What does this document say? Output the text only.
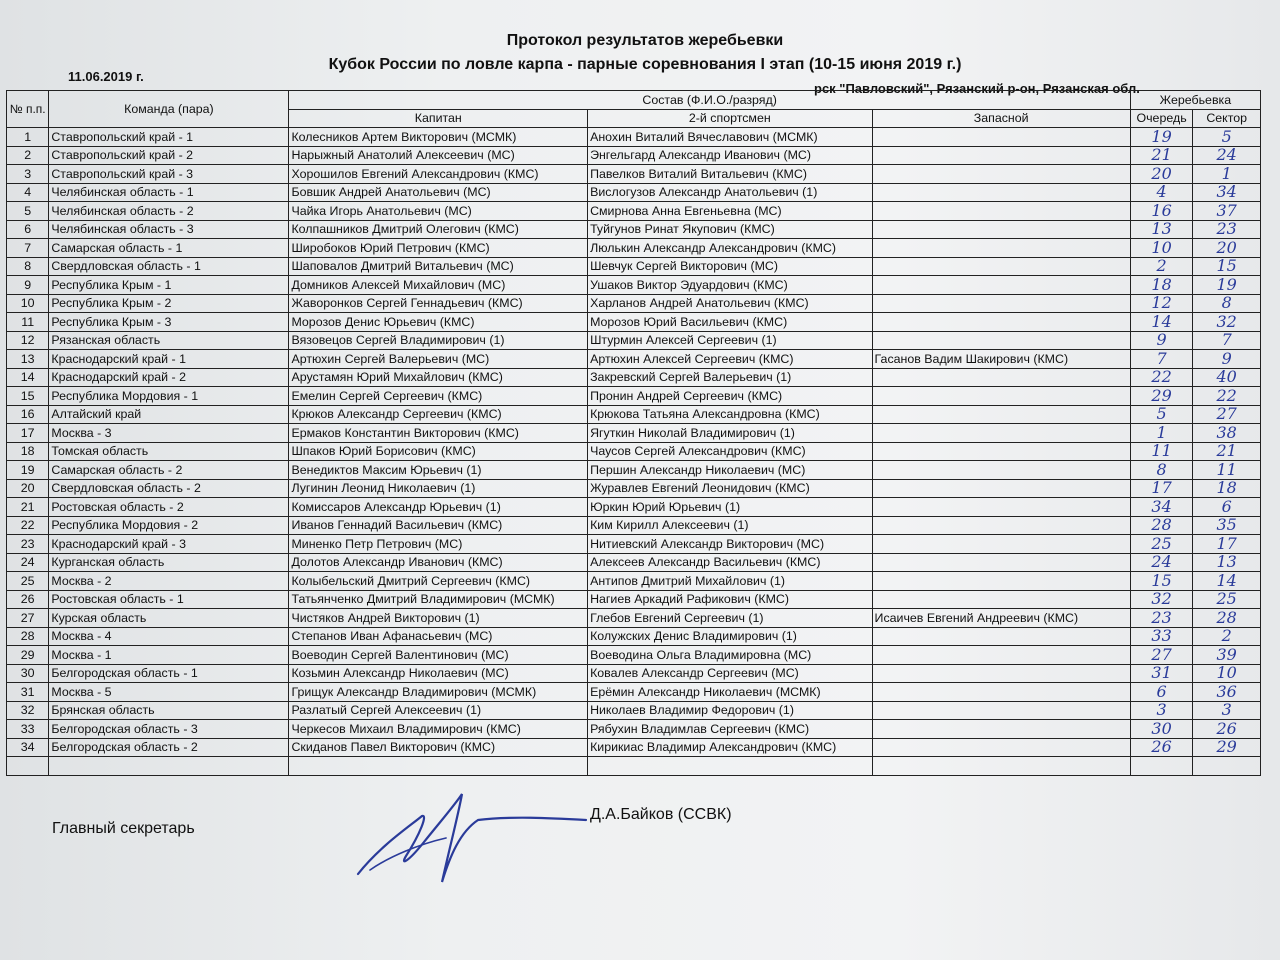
Протокол результатов жеребьевки
Кубок России по ловле карпа - парные соревнования I этап (10-15 июня 2019 г.)
11.06.2019 г.
рск "Павловский", Рязанский р-он, Рязанская обл.
№ п.п.	Команда (пара)	Состав (Ф.И.О./разряд)			Жеребьевка	
		Капитан	2-й спортсмен	Запасной	Очередь	Сектор
1	Ставропольский край - 1	Колесников Артем Викторович (МСМК)	Анохин Виталий Вячеславович (МСМК)		19	5
2	Ставропольский край - 2	Нарыжный Анатолий Алексеевич (МС)	Энгельгард Александр Иванович (МС)		21	24
3	Ставропольский край - 3	Хорошилов Евгений Александрович (КМС)	Павелков Виталий Витальевич (КМС)		20	1
4	Челябинская область - 1	Бовшик Андрей Анатольевич (МС)	Вислогузов Александр Анатольевич (1)		4	34
5	Челябинская область - 2	Чайка Игорь Анатольевич (МС)	Смирнова Анна Евгеньевна (МС)		16	37
6	Челябинская область - 3	Колпашников Дмитрий Олегович (КМС)	Туйгунов Ринат Якупович (КМС)		13	23
7	Самарская область - 1	Широбоков Юрий Петрович (КМС)	Люлькин Александр Александрович (КМС)		10	20
8	Свердловская область - 1	Шаповалов Дмитрий Витальевич (МС)	Шевчук Сергей Викторович (МС)		2	15
9	Республика Крым - 1	Домников Алексей Михайлович (МС)	Ушаков Виктор Эдуардович (КМС)		18	19
10	Республика Крым - 2	Жаворонков Сергей Геннадьевич (КМС)	Харланов Андрей Анатольевич (КМС)		12	8
11	Республика Крым - 3	Морозов Денис Юрьевич (КМС)	Морозов Юрий Васильевич (КМС)		14	32
12	Рязанская область	Вязовецов Сергей Владимирович (1)	Штурмин Алексей Сергеевич (1)		9	7
13	Краснодарский край - 1	Артюхин Сергей Валерьевич (МС)	Артюхин Алексей Сергеевич (КМС)	Гасанов Вадим Шакирович (КМС)	7	9
14	Краснодарский край - 2	Арустамян Юрий Михайлович (КМС)	Закревский Сергей Валерьевич (1)		22	40
15	Республика Мордовия - 1	Емелин Сергей Сергеевич (КМС)	Пронин Андрей Сергеевич (КМС)		29	22
16	Алтайский край	Крюков Александр Сергеевич (КМС)	Крюкова Татьяна Александровна (КМС)		5	27
17	Москва - 3	Ермаков Константин Викторович (КМС)	Ягуткин Николай Владимирович (1)		1	38
18	Томская область	Шпаков Юрий Борисович (КМС)	Чаусов Сергей Александрович (КМС)		11	21
19	Самарская область - 2	Венедиктов Максим Юрьевич (1)	Першин Александр Николаевич (МС)		8	11
20	Свердловская область - 2	Лугинин Леонид Николаевич (1)	Журавлев Евгений Леонидович (КМС)		17	18
21	Ростовская область - 2	Комиссаров Александр Юрьевич (1)	Юркин Юрий Юрьевич (1)		34	6
22	Республика Мордовия - 2	Иванов Геннадий Васильевич (КМС)	Ким Кирилл Алексеевич (1)		28	35
23	Краснодарский край - 3	Миненко Петр Петрович (МС)	Нитиевский Александр Викторович (МС)		25	17
24	Курганская область	Долотов Александр Иванович (КМС)	Алексеев Александр Васильевич (КМС)		24	13
25	Москва - 2	Колыбельский Дмитрий Сергеевич (КМС)	Антипов Дмитрий Михайлович (1)		15	14
26	Ростовская область - 1	Татьянченко Дмитрий Владимирович (МСМК)	Нагиев Аркадий Рафикович (КМС)		32	25
27	Курская область	Чистяков Андрей Викторович (1)	Глебов Евгений Сергеевич (1)	Исаичев Евгений Андреевич (КМС)	23	28
28	Москва - 4	Степанов Иван Афанасьевич (МС)	Колужских Денис Владимирович (1)		33	2
29	Москва - 1	Воеводин Сергей Валентинович (МС)	Воеводина Ольга Владимировна (МС)		27	39
30	Белгородская область - 1	Козьмин Александр Николаевич (МС)	Ковалев Александр Сергеевич (МС)		31	10
31	Москва - 5	Грищук Александр Владимирович (МСМК)	Ерёмин Александр Николаевич (МСМК)		6	36
32	Брянская область	Разлатый Сергей Алексеевич (1)	Николаев Владимир Федорович (1)		3	3
33	Белгородская область - 3	Черкесов Михаил Владимирович (КМС)	Рябухин Владимлав Сергеевич (КМС)		30	26
34	Белгородская область - 2	Скиданов Павел Викторович (КМС)	Кирикиас Владимир Александрович (КМС)		26	29

Главный секретарь
Д.А.Байков (ССВК)
